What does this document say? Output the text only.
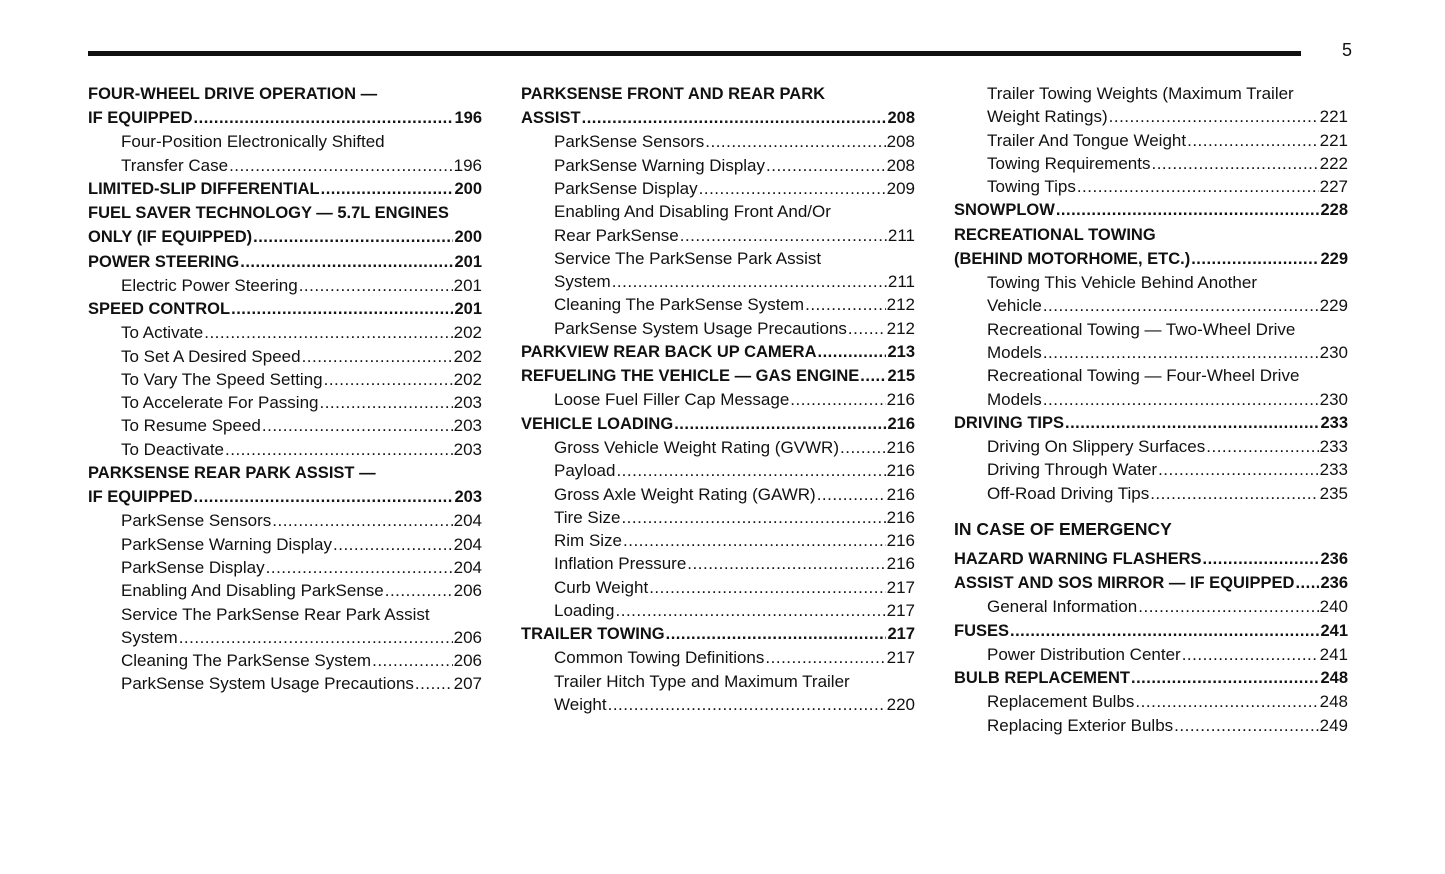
5
FOUR-WHEEL DRIVE OPERATION —
IF EQUIPPED .....	196
Four-Position Electronically Shifted
Transfer Case .....	196
LIMITED-SLIP DIFFERENTIAL .....	200
FUEL SAVER TECHNOLOGY — 5.7L ENGINES
ONLY (IF EQUIPPED) .....	200
POWER STEERING .....	201
Electric Power Steering .....	201
SPEED CONTROL .....	201
To Activate .....	202
To Set A Desired Speed .....	202
To Vary The Speed Setting .....	202
To Accelerate For Passing .....	203
To Resume Speed .....	203
To Deactivate .....	203
PARKSENSE REAR PARK ASSIST —
IF EQUIPPED .....	203
ParkSense Sensors .....	204
ParkSense Warning Display .....	204
ParkSense Display .....	204
Enabling And Disabling ParkSense .....	206
Service The ParkSense Rear Park Assist
System .....	206
Cleaning The ParkSense System .....	206
ParkSense System Usage Precautions ..... 207
PARKSENSE FRONT AND REAR PARK
ASSIST .....	208
ParkSense Sensors .....	208
ParkSense Warning Display .....	208
ParkSense Display .....	209
Enabling And Disabling Front And/Or
Rear ParkSense .....	211
Service The ParkSense Park Assist
System .....	211
Cleaning The ParkSense System .....	212
ParkSense System Usage Precautions ..... 212
PARKVIEW REAR BACK UP CAMERA .....	213
REFUELING THE VEHICLE — GAS ENGINE ..... 215
Loose Fuel Filler Cap Message .....	216
VEHICLE LOADING .....	216
Gross Vehicle Weight Rating (GVWR) .....	216
Payload .....	216
Gross Axle Weight Rating (GAWR) .....	216
Tire Size .....	216
Rim Size .....	216
Inflation Pressure .....	216
Curb Weight .....	217
Loading .....	217
TRAILER TOWING .....	217
Common Towing Definitions .....	217
Trailer Hitch Type and Maximum Trailer
Weight .....	220
Trailer Towing Weights (Maximum Trailer
Weight Ratings) .....	221
Trailer And Tongue Weight .....	221
Towing Requirements .....	222
Towing Tips .....	227
SNOWPLOW .....	228
RECREATIONAL TOWING
(BEHIND MOTORHOME, ETC.) .....	229
Towing This Vehicle Behind Another
Vehicle .....	229
Recreational Towing — Two-Wheel Drive
Models .....	230
Recreational Towing — Four-Wheel Drive
Models .....	230
DRIVING TIPS .....	233
Driving On Slippery Surfaces .....	233
Driving Through Water .....	233
Off-Road Driving Tips .....	235
IN CASE OF EMERGENCY
HAZARD WARNING FLASHERS .....	236
ASSIST AND SOS MIRROR — IF EQUIPPED ..... 236
General Information .....	240
FUSES .....	241
Power Distribution Center .....	241
BULB REPLACEMENT .....	248
Replacement Bulbs .....	248
Replacing Exterior Bulbs .....	249
